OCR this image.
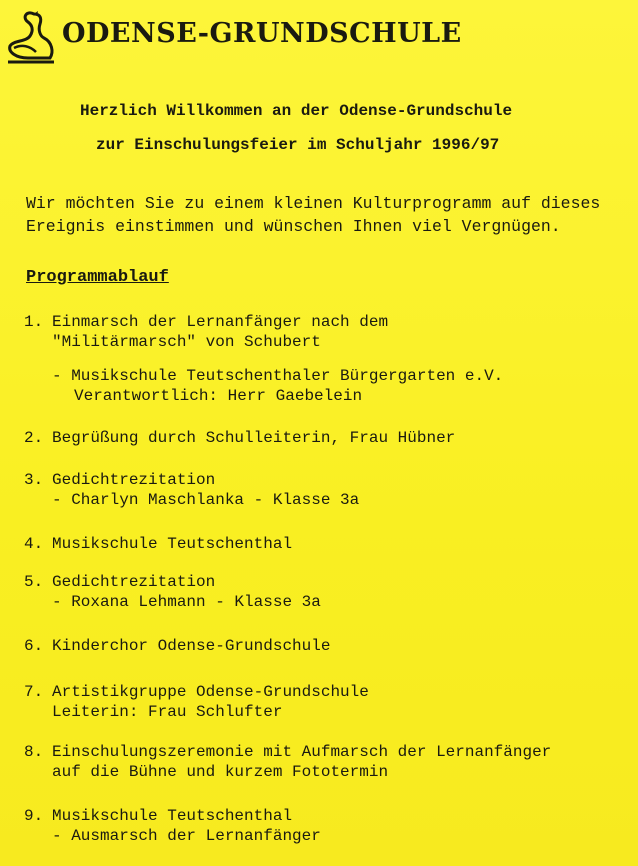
ODENSE-GRUNDSCHULE
Herzlich Willkommen an der Odense-Grundschule
zur Einschulungsfeier im Schuljahr 1996/97
Wir möchten Sie zu einem kleinen Kulturprogramm auf dieses
Ereignis einstimmen und wünschen Ihnen viel Vergnügen.
Programmablauf
1. Einmarsch der Lernanfänger nach dem
"Militärmarsch" von Schubert
- Musikschule Teutschenthaler Bürgergarten e.V.
Verantwortlich: Herr Gaebelein
2. Begrüßung durch Schulleiterin, Frau Hübner
3. Gedichtrezitation
- Charlyn Maschlanka - Klasse 3a
4. Musikschule Teutschenthal
5. Gedichtrezitation
- Roxana Lehmann - Klasse 3a
6. Kinderchor Odense-Grundschule
7. Artistikgruppe Odense-Grundschule
Leiterin: Frau Schlufter
8. Einschulungszeremonie mit Aufmarsch der Lernanfänger
auf die Bühne und kurzem Fototermin
9. Musikschule Teutschenthal
- Ausmarsch der Lernanfänger
